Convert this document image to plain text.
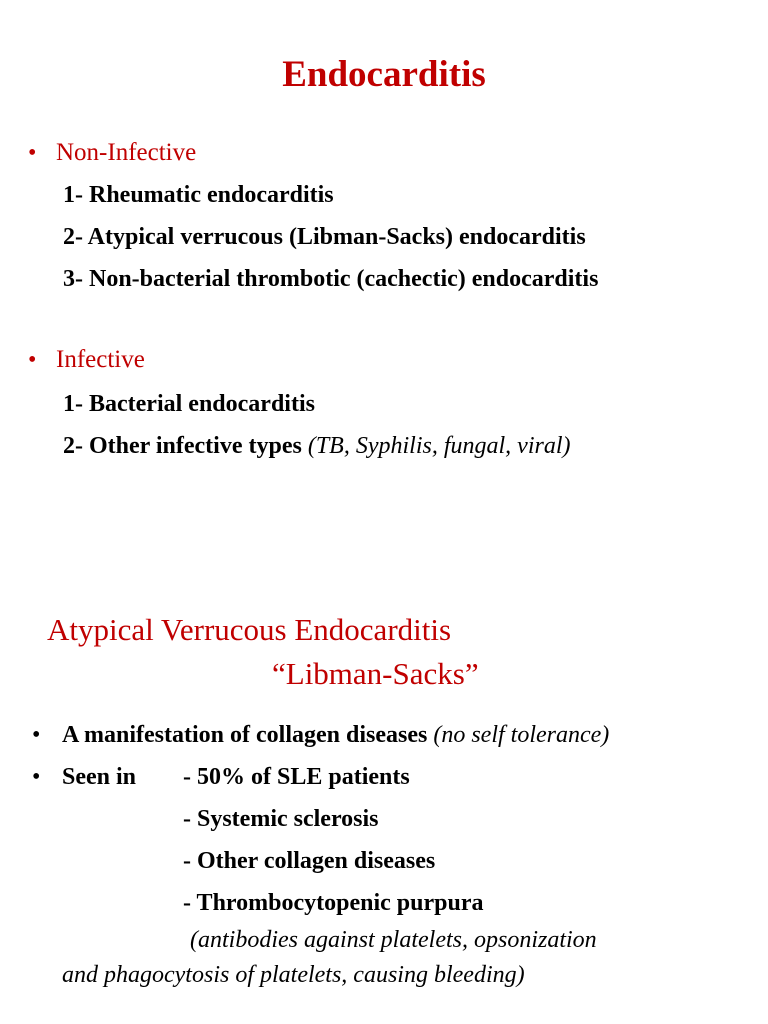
Endocarditis
• Non-Infective
1- Rheumatic endocarditis
2- Atypical verrucous (Libman-Sacks) endocarditis
3- Non-bacterial thrombotic (cachectic) endocarditis
• Infective
1- Bacterial endocarditis
2- Other infective types (TB, Syphilis, fungal, viral)
Atypical Verrucous Endocarditis
“Libman-Sacks”
• A manifestation of collagen diseases (no self tolerance)
• Seen in - 50% of SLE patients
- Systemic sclerosis
- Other collagen diseases
- Thrombocytopenic purpura
(antibodies against platelets, opsonization
and phagocytosis of platelets, causing bleeding)
